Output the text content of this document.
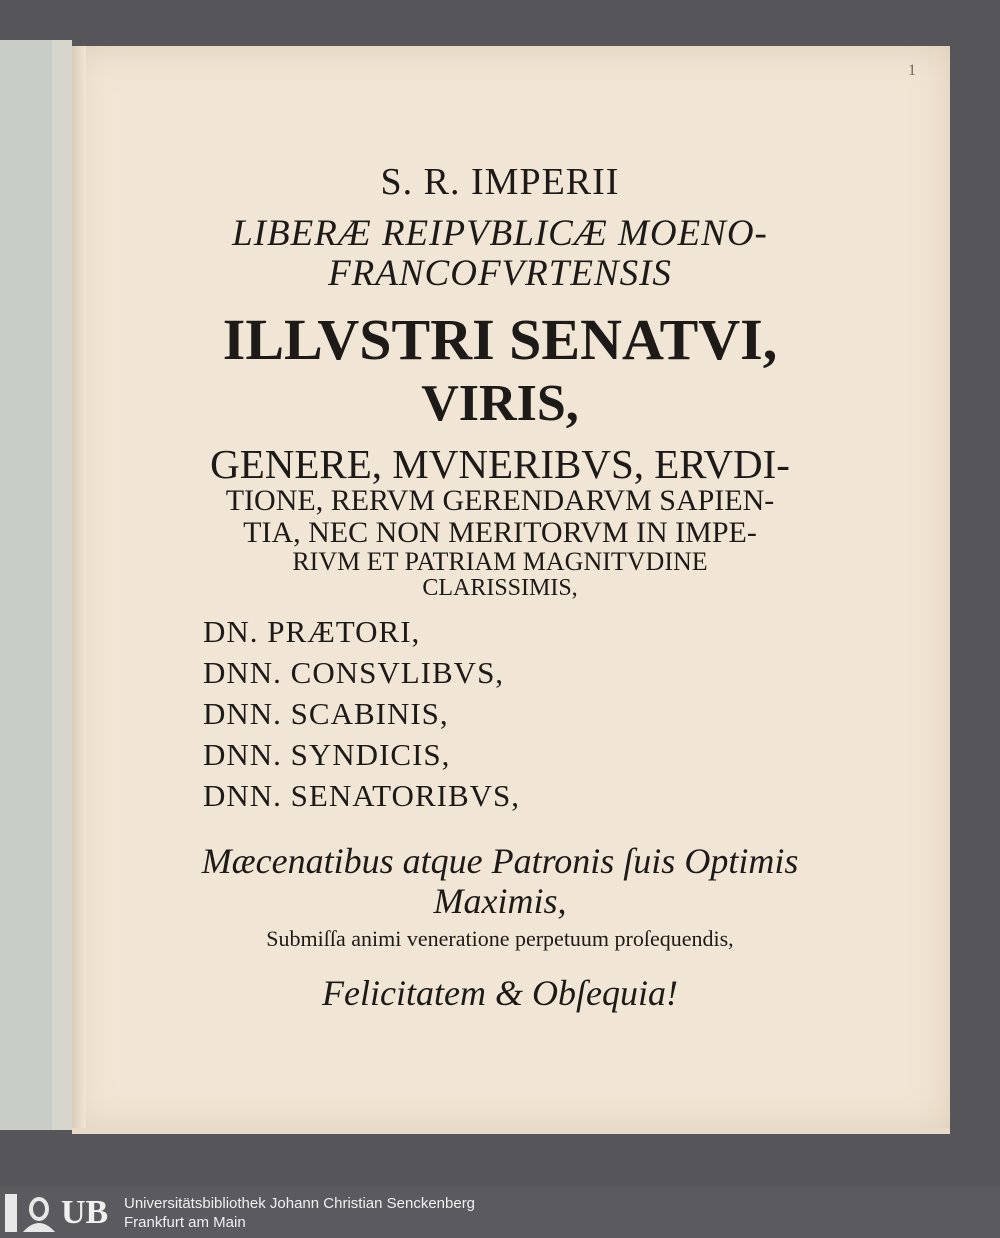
1
S. R. IMPERII
LIBERÆ REIPVBLICÆ MOENO-
FRANCOFVRTENSIS
ILLVSTRI SENATVI,
VIRIS,
GENERE, MVNERIBVS, ERVDI-
TIONE, RERVM GERENDARVM SAPIEN-
TIA, NEC NON MERITORVM IN IMPE-
RIVM ET PATRIAM MAGNITVDINE
CLARISSIMIS,
DN. PRÆTORI,
DNN. CONSVLIBVS,
DNN. SCABINIS,
DNN. SYNDICIS,
DNN. SENATORIBVS,
Mæcenatibus atque Patronis ſuis Optimis
Maximis,
Submiſſa animi veneratione perpetuum proſequendis,
Felicitatem & Obſequia!
UB Universitätsbibliothek Johann Christian Senckenberg
Frankfurt am Main
